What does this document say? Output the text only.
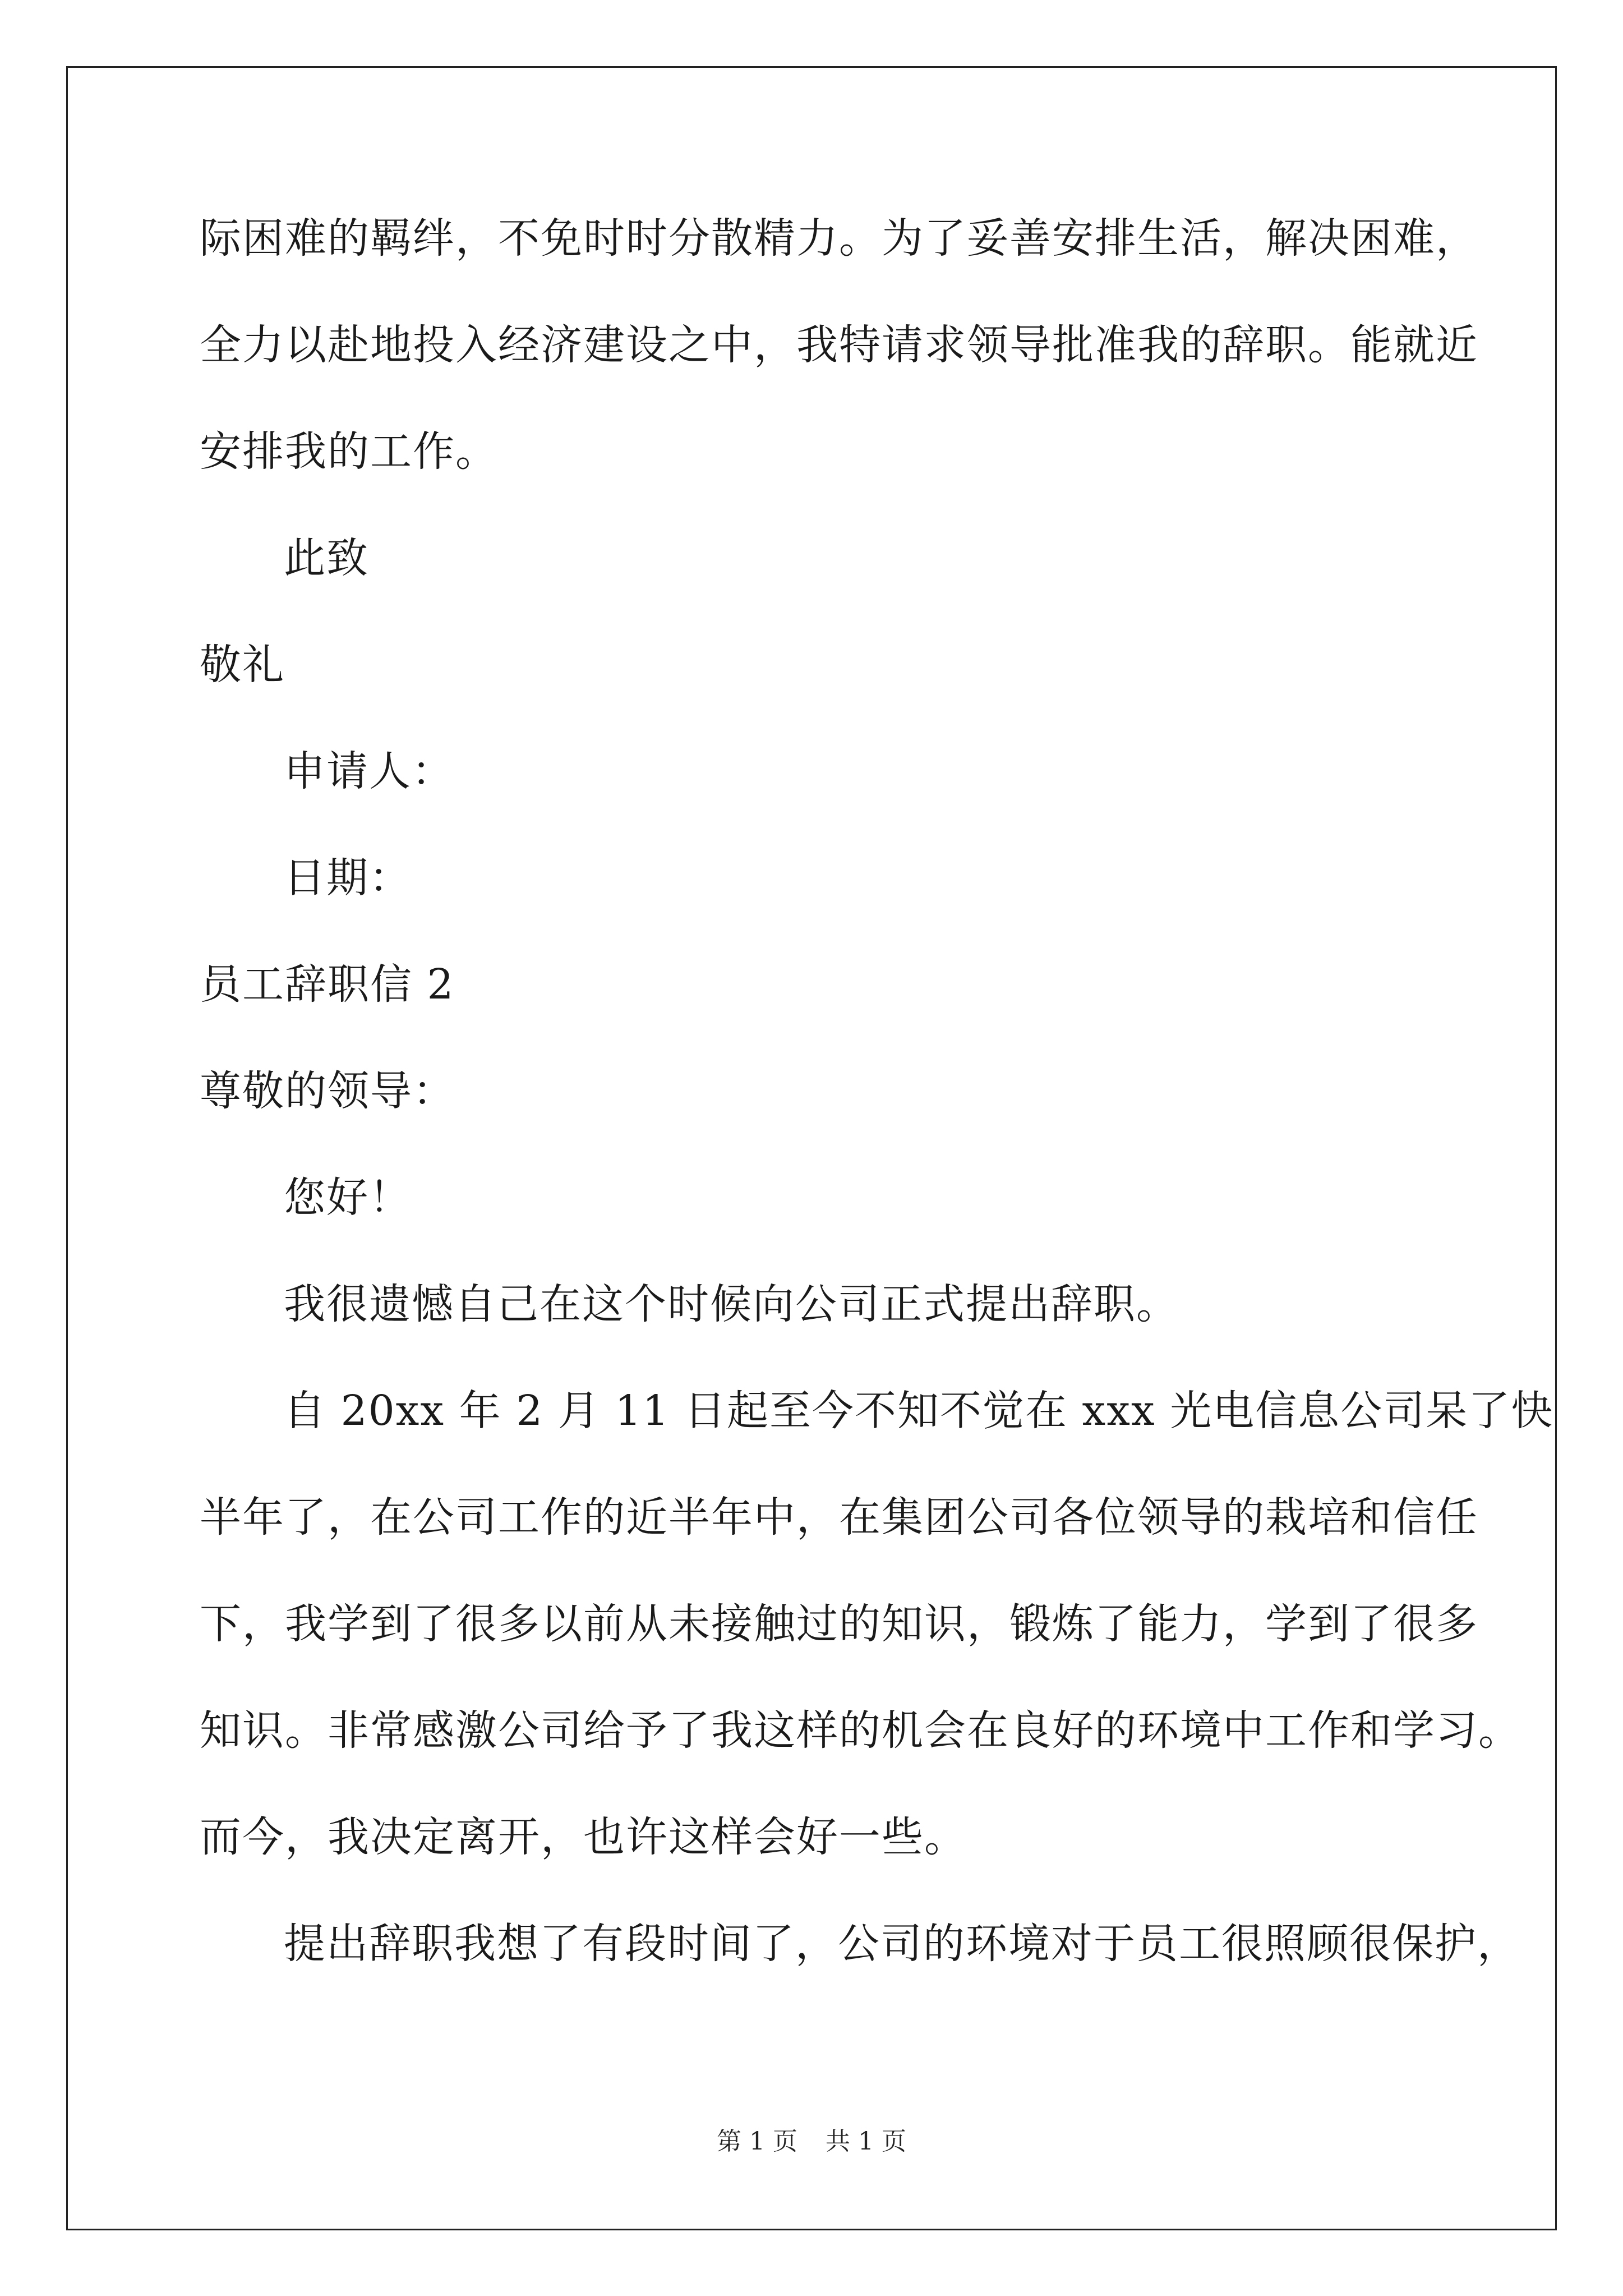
际困难的羁绊，不免时时分散精力。为了妥善安排生活，解决困难，
全力以赴地投入经济建设之中，我特请求领导批准我的辞职。能就近
安排我的工作。
此致
敬礼
申请人：
日期：
员工辞职信 2
尊敬的领导：
您好！
我很遗憾自己在这个时候向公司正式提出辞职。
自 20xx 年 2 月 11 日起至今不知不觉在 xxx 光电信息公司呆了快
半年了，在公司工作的近半年中，在集团公司各位领导的栽培和信任
下，我学到了很多以前从未接触过的知识，锻炼了能力，学到了很多
知识。非常感激公司给予了我这样的机会在良好的环境中工作和学习。
而今，我决定离开，也许这样会好一些。
提出辞职我想了有段时间了，公司的环境对于员工很照顾很保护，
第 1 页 共 1 页
